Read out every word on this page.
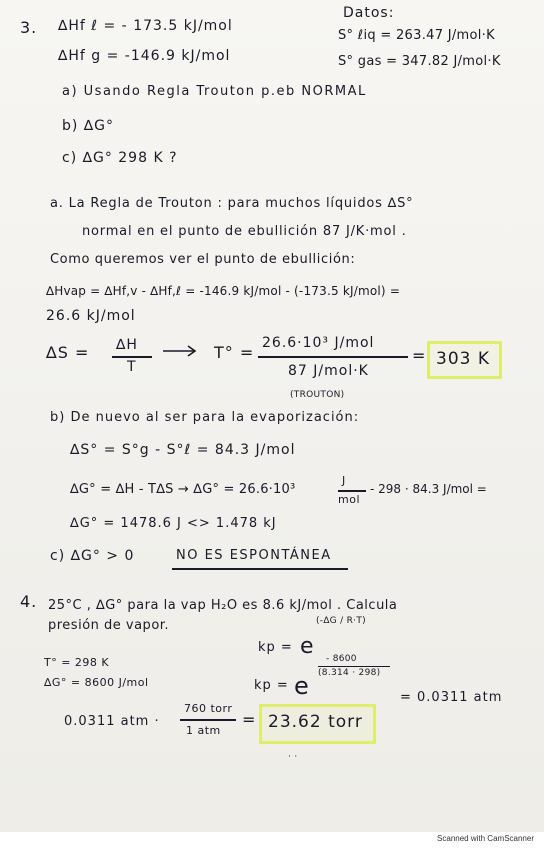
3. ∆Hf ℓ = - 173.5 kJ/mol
∆Hf g = -146.9 kJ/mol
Datos:
S° ℓiq = 263.47 J/mol·K
S° gas = 347.82 J/mol·K
a) Usando Regla Trouton p.eb NORMAL
b) ∆G°
c) ∆G° 298 K ?
a. La Regla de Trouton : para muchos líquidos ∆S°
normal en el punto de ebullición 87 J/K·mol .
Como queremos ver el punto de ebullición:
∆Hvap = ∆Hf,v - ∆Hf,ℓ = -146.9 kJ/mol - (-173.5 kJ/mol) =
26.6 kJ/mol
∆S = ∆H
T
T° = 26.6·10³ J/mol
87 J/mol·K
(TROUTON)
= 303 K
b) De nuevo al ser para la evaporización:
∆S° = S°g - S°ℓ = 84.3 J/mol
∆G° = ∆H - T∆S → ∆G° = 26.6·10³
J
mol
- 298 · 84.3 J/mol =
∆G° = 1478.6 J <> 1.478 kJ
c) ∆G° > 0	NO ES ESPONTÁNEA
4. 25°C , ∆G° para la vap H₂O es 8.6 kJ/mol . Calcula
presión de vapor.
T° = 298 K
∆G° = 8600 J/mol
kp = e
(-∆G / R·T)
kp = e
- 8600
(8.314 · 298)
= 0.0311 atm
0.0311 atm ·
760 torr
1 atm
= 23.62 torr
· ·
Scanned with CamScanner
